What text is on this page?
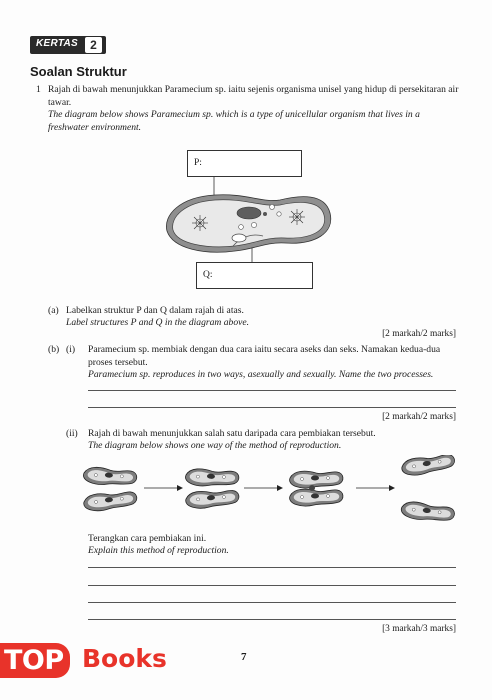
KERTAS	2
Soalan Struktur
1 Rajah di bawah menunjukkan Paramecium sp. iaitu sejenis organisma unisel yang hidup di persekitaran air tawar.
The diagram below shows Paramecium sp. which is a type of unicellular organism that lives in a freshwater environment.
P:
Q:
(a) Labelkan struktur P dan Q dalam rajah di atas.
Label structures P and Q in the diagram above.
[2 markah/2 marks]
(b) (i) Paramecium sp. membiak dengan dua cara iaitu secara aseks dan seks. Namakan kedua-dua proses tersebut.
Paramecium sp. reproduces in two ways, asexually and sexually. Name the two processes.
[2 markah/2 marks]
(ii) Rajah di bawah menunjukkan salah satu daripada cara pembiakan tersebut.
The diagram below shows one way of the method of reproduction.
Terangkan cara pembiakan ini.
Explain this method of reproduction.
[3 markah/3 marks]
TOP Books	7
